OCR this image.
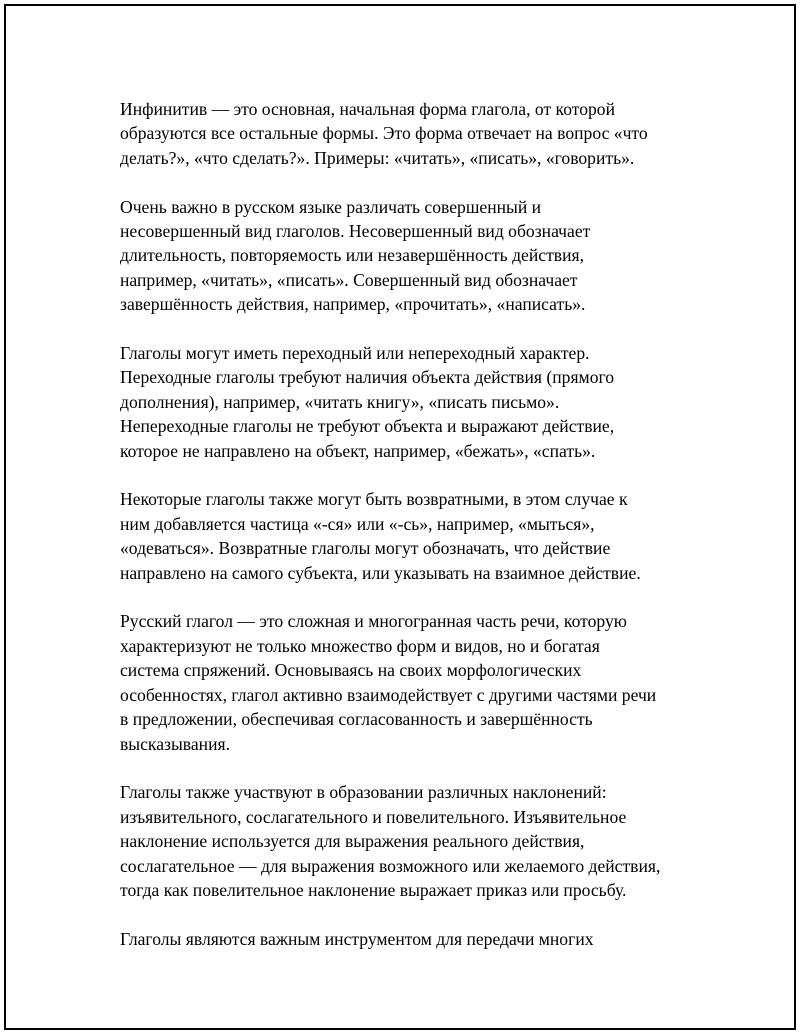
Инфинитив — это основная, начальная форма глагола, от которой
образуются все остальные формы. Это форма отвечает на вопрос «что
делать?», «что сделать?». Примеры: «читать», «писать», «говорить».

Очень важно в русском языке различать совершенный и
несовершенный вид глаголов. Несовершенный вид обозначает
длительность, повторяемость или незавершённость действия,
например, «читать», «писать». Совершенный вид обозначает
завершённость действия, например, «прочитать», «написать».

Глаголы могут иметь переходный или непереходный характер.
Переходные глаголы требуют наличия объекта действия (прямого
дополнения), например, «читать книгу», «писать письмо».
Непереходные глаголы не требуют объекта и выражают действие,
которое не направлено на объект, например, «бежать», «спать».

Некоторые глаголы также могут быть возвратными, в этом случае к
ним добавляется частица «-ся» или «-сь», например, «мыться»,
«одеваться». Возвратные глаголы могут обозначать, что действие
направлено на самого субъекта, или указывать на взаимное действие.

Русский глагол — это сложная и многогранная часть речи, которую
характеризуют не только множество форм и видов, но и богатая
система спряжений. Основываясь на своих морфологических
особенностях, глагол активно взаимодействует с другими частями речи
в предложении, обеспечивая согласованность и завершённость
высказывания.

Глаголы также участвуют в образовании различных наклонений:
изъявительного, сослагательного и повелительного. Изъявительное
наклонение используется для выражения реального действия,
сослагательное — для выражения возможного или желаемого действия,
тогда как повелительное наклонение выражает приказ или просьбу.

Глаголы являются важным инструментом для передачи многих
